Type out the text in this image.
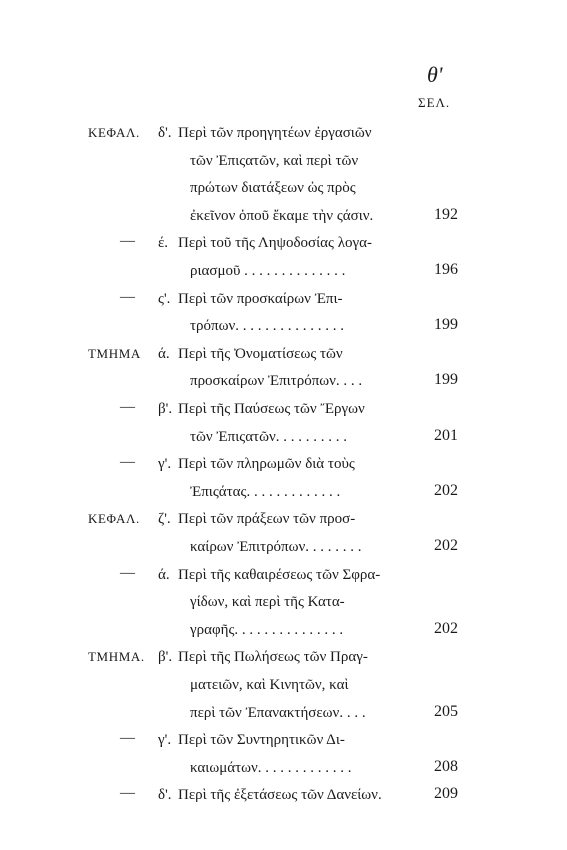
θ'
ΣΕΛ.
ΚΕΦΑΛ. δ'. Περὶ τῶν προηγητέων ἐργασιῶν
τῶν Ἐπιςατῶν, καὶ περὶ τῶν
πρώτων διατάξεων ὡς πρὸς
ἐκεῖνον ὁποῦ ἔκαμε τὴν ςάσιν.	192
— έ. Περὶ τοῦ τῆς Ληψοδοσίας λογα-
ριασμοῦ . . . . . . . . . . . . . .	196
— ς'. Περὶ τῶν προσκαίρων Ἐπι-
τρόπων. . . . . . . . . . . . . . .	199
ΤΜΗΜΑ ά. Περὶ τῆς Ὀνοματίσεως τῶν
προσκαίρων Ἐπιτρόπων. . . .	199
— β'. Περὶ τῆς Παύσεως τῶν Ἔργων
τῶν Ἐπιςατῶν. . . . . . . . . .	201
— γ'. Περὶ τῶν πληρωμῶν διὰ τοὺς
Ἐπιςάτας. . . . . . . . . . . . .	202
ΚΕΦΑΛ. ζ'. Περὶ τῶν πράξεων τῶν προσ-
καίρων Ἐπιτρόπων. . . . . . . .	202
— ά. Περὶ τῆς καθαιρέσεως τῶν Σφρα-
γίδων, καὶ περὶ τῆς Κατα-
γραφῆς. . . . . . . . . . . . . . .	202
ΤΜΗΜΑ. β'. Περὶ τῆς Πωλήσεως τῶν Πραγ-
ματειῶν, καὶ Κινητῶν, καὶ
περὶ τῶν Ἐπανακτήσεων. . . .	205
— γ'. Περὶ τῶν Συντηρητικῶν Δι-
καιωμάτων. . . . . . . . . . . . .	208
— δ'. Περὶ τῆς ἐξετάσεως τῶν Δανείων.	209
